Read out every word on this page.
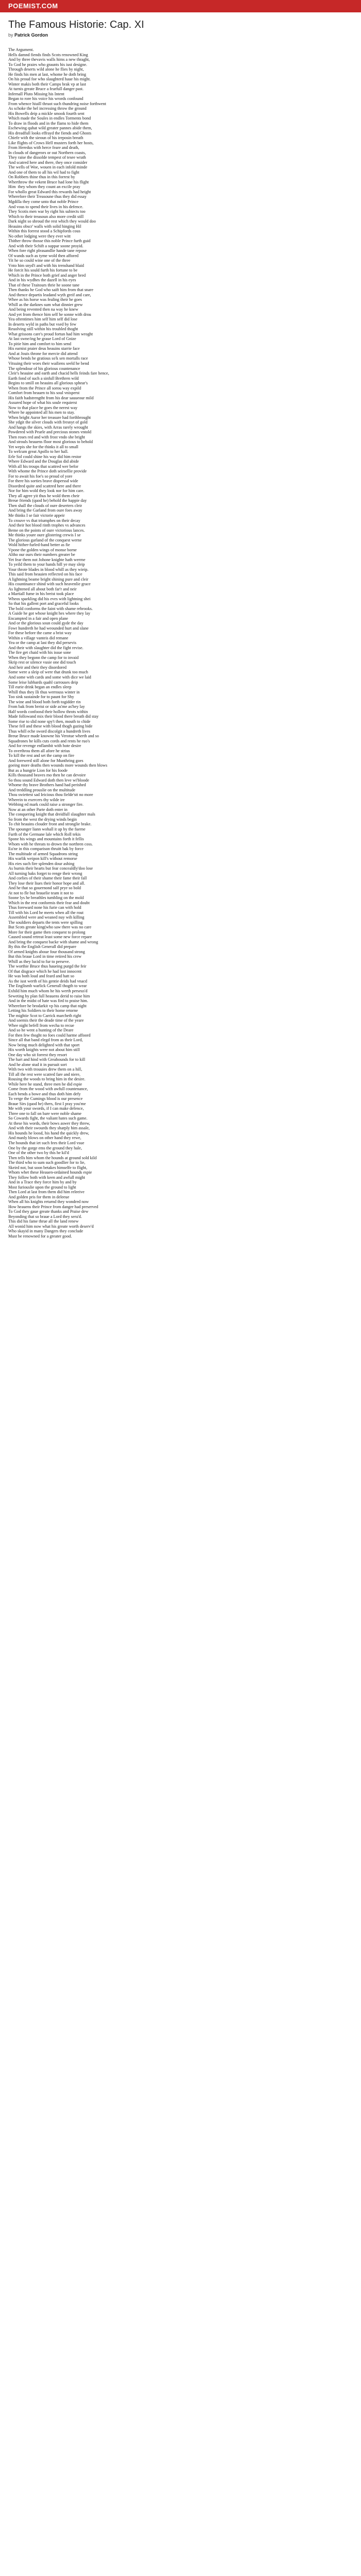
POEMIST.COM
The Famous Historie: Cap. XI
by Patrick Gordon
The Argument.
Hells damnd fiends finds Scots renowned King
And by three thevavis walls hims a new thraght,
To God he praies who graunts his iust designe.
Through deserts wild alone he flies by night,
He finds his men at last, whome he doth bring
On his proud foe who slaughterd haue his might.
Winter makis both their Camps brak vp at last
At turnis greate Bruce a fearfull danger past.
Infernall Pluto Missing his Intent
Began to rore his voice his wrords confound
From whence hiuill thruot such thundring noise forthwent
As schoke the hel incressing throw the ground
His Bowells deip a mickle smook fourth sent
Which made the Soules in endles Torments bond
To draw in floods and in the flams to hide them
Eschewing quhat wild greater pannes abide them,
His dreadfull looks effrayd the fiends and Ghosts
Chiefe with the sieoun of his ireposin breath
Like flights of Crows Hell musters forth her hosts,
From Heredus with herce feare and death,
In clouds of dangerors or out Northern coasts,
They raise the dissolde tempest of tesee wrath
And scatred here and there, they once consider
The wells of Woe, wouen in each infold minde
And one of them to all his wil had to fight
On Robbers thine thus in this forrest by
Wherthrow the vekent Bruce had lone his flight
Him  they whom they count an excile pray
For whollo great Edward this rewards had height
Wherefore their Treasoune thus they did essay
Mgdilla they come unto that noble Prince
And vous to spend their lives in his defence.
They Scotis men war by right his subiects too
Which to their treasoun also more credit still
Dark night so shroud the rest which they would doo
Heauins obscr' walls with solid hinging Hil
Within this forrest stood a Schipfords cous
No other lodging were they ever witt
Thither throw thosse this noble Prince furth guid
And with their Schift a suppar soone proyid.
When fore right pleasandlie hande tane repose
Of wands such as tyme wold then affored
Yit he so could wine one of the three
Vnto him snyd't and with his trenshand blaid
He forcit his sould furth his fortune to be
Which in the Prince both grief and anger bred
And in his wydhes the dazell in his eyes
That of these Traitours thrie he soone tane
Then thanks he God who saift him from that snare
And thence departis leadand wyth greif and care,
Whee as his horse was fealing their he goes
Whill as the darknes sum what dinnier grew
And being revented then na way he knew
And yet from thence him self he sonne with drou
Yea oftentimes him self him self did lose
In deserts wyld in paths but vsed by few
Reuolving still within his troubled thoght
What grissons care's proud fortun had him wroght
At last swne/ing he graue Lord of Gnize
To pitie him and comfort to him send
His earnist praier deus heauins starrie face
And at Jouis throne for mercie did attend
Whose bends he gratious so'k sen mortalls race
Vitsuing their woes their wailiens seeld he bend
The splendour of his glorious countenance
Cleir's heauine and earth and chacid hells feinds fare hence,
Earth fond of such a sinfull Brethren wild
Begins to smill on heauins all glorious sphear's
When from the Prince all sorou way expild
Comfort from heauen to his soul vnisperst
His faith hadstrengtht from his dear sauueour mild
Assured hope of what his soule requierst
Now to that place he goes the nerest way
Where he appointed all his men to stay.
When bright Auror her treasure had forthbrought
She ydgit the silver clouds with fresnyt of gold
And hangs the skies, with Arras rarely wrought
Powdered with Pearle and precious stones vntold
Then roses red and with frost vndo she bright
And strouls heauens floor most glorious to behold
Yet wepis she for the thinks it all to small
To welcum great Apollo to her hall.
Erle Sol could shine his way did him restor
Where Edward and the Douglas did abide
With all his troups that scattred wer befor
With whome the Prince doth seirsellie provide
For to await his foe's so proud of yore
For there his sorties brave disperssd wide
Disordred quite and scattred here and there
Nor for him wold they look nor for him care.
They all agree yit thus he wold them cheir
Breue friends (quod he) behold the happie day
Then shall the clouds of oure deserters cleir
And bring the Garland from oure foes away
Me thinks I se fair victorie appeir
To crouve vs that triumphes on their decay
And their hot blood rinth trophes vs advances
Beme on the points of oure victorious lances.
Me thinks youre oure glistering crewis I se
The glorious garland of the conquest werne
Wold hither-furled-band better as fie
Vpone the golden wings of monse borne
Altho our ours their numbers greater be
Yet fear them not Johone knighte hath werrne
To yeild them to your hands hill ye may sleip
Your throte blades in blood whill as they wieip.
This said from heauien reflected on his face
A lightning beame bright shining pure and cleir
His countinance shind with such heavenlie grace
As lightened all about both far'r and neir
a Martiall fume in his breist took place
Wheos sparkling did his eves with lightning shei
So that his gallent port and graceful looks
The bold conforms the faint with shame rebrooks.
A Guide he got whose knight hes where they lay
Encampted in a fair and open plane
And or the glorious soun could gyde the day
Fowr hundreth he had weounded hurt and slane
For these before the came a brist way
Within a village vanteis did remane
Yea or the camp at last they did persevis
And their with slaughter did the fight revise.
The fire get chaid with his issue sone
When they begonn the camp for to invaid
Skrip rest or silence vusie one did touch
And heir and their they disordored
Some were a sleip of were that drunk too much
And some with cards and some with dice we laid
Some leise lubbards quahl carrouses deip
Till eurie drink began an endles sleep
Whill thus they Ili thus werrouss winter in
Too sink sustainde for to paunt for Shy
The wine and blood both forth togidder rin
From bak from breist or side as'me as'hey lay
Half words confoosd their hollow throts within
Made followand mix their blood there breath did stay
Some rise to slid none spy't then, mouth to chide
These fell and these with blood thogh gazing bide
Thus whill eche sword discolgit a hundreth lives
Breue Bruce made knowne his Verotue wherth and so
Squadrones he kills cuts cords and rents he ruo's
And for revenge enflambit with hote desire
To overthrou them all afore he strius
To kill the rest and set the camp on fire
And forewerd still alone for Munthring goes
goeing more deaths then wounds more wounds then blows
But as a hungrie Lion for his foode
Kills thousand beaves mo then he can devoire
So thou sound Edward doth then leve wi'bloode
Whome thy brave Brothers hand had perished
And treddling prouslie on the multitude
Thou swiettest sad Ieicious thou fielde'stt no more
Wherein to exercers thy wilde ire
Webbing ed mark could raise a stronger fire.
Now at an other Parte doth enter in
The conquering knight that dreidfull slaughter mals
So from the west the drying winds begin
To chit heauins clouder front and stronglie brake.
The spounger liann wohall it up by the fuerne
Furth of the Germane lale which Roll tekis
Spone his wings and mountains forth it fellis
Whom with he threats to drown the northren coss.
Eu'ne in this comparison thruitt bak by force
The multitude of armed Squadrons string
His warlik weipon kill's without remorse
His eies such fire splenden dour ashing
As burnis their hearts but fear concealdly'doo lose
All turning baks forget to renge their wrong
And corlies of their shame their fame their fall
They lose their liues their honor hope and all.
And he that so gouernond salf prye so bold
At not to fle but brauelie team it not to
Soone lys he breathles tumbling on the mold
Which in the rest conformis their fear and doubt
Thus foreward none his furie can with hold
Till with his Lord he meets when all the rout
Assembled were and weaned nuy wih killing
The souldiers departs the tents were spilling
But Scots greate king(who saw there was no care
More for their game then conquest to prolong
Caused sound retreat least some new force repare
And bring the conquest backe with shame and wrong
By this the English Generall did prepare
Of armed knights aboue four thousand strong
But this braue Lord in time retired his crew
Whill as they lucid to fur to perseve.
The worthie Bruce thus haueing purgd the feir
Of that disgrace which he had lost innocent
He was both loud and feard and hatt so
As the iust werth of his gentie deids had vnacd
The Englismb warlick Generall thogth to wear
Exhild him much whom he his werth perseus'd
Seweting by plan full heauens derid to raise him
And in the midst of hate was fird to praise him.
Wherefore he brodarkit vp his camp that night
Letting his Soldiers to their home retorne
The mightie Scot to Carrick marcheth right
And soemis their the deade time of the yeare
Whee night befell from wecha to recue
And so he went a hunting of the Deare
For then few thoght no foes could harme affoord
Since all that band elegd from as their Lord,
Now being much delighted with that sport
His worth knights were not about him still
One day who sit forrest they resort
The hart and hind with Greahounds for to kill
And he alone stud it in pursuit sort
With two with trouuies drew them on a hill,
Till all the rest were scatred fare and niere,
Rousing the woods to bring him in the desire.
While here he stand, three men he did espie
Come from the wood with awfull countenance,
Each bends a bowe and thus doth him defy
To verge the Cumings blood is our presence
Braue Sirs (quod he) thers, first I pray you'me
Me with your swords, if I can make defence,
Three one to fall on bare were noble shame
So Cowards fight, the valiant hates such game.
At these his words, their bows aswer they threw,
And with their swourds they sharply him assale,
His hounds he loosd, his hand the quickly drew,
And manly blows on other hand they rewe,
The hounds that iet such fees their Lord vsue
One by the gorge ems the ground they hale,
One of the other two by this he kil'd
Then tells him whom the hounds at ground sold kild
The third who to sum such goodlier for to lie,
Skeird not, but soon betakes himselfe to flight,
Whom whet these Heauen-ordained hounds espie
They follow both with keen and awfull might
And in a Trace they force him by and by
Most furiouslie upon the ground to light
Then Lord at last from them did him releeive
And golden pris for them in deleeue
When all his knights returnd they wondred now
How heauens their Prince from danger had preserved
To God they gaue greate thanks and Praise dew
Beyonding that so braue a Lord they seru'd.
This did his fame thrue all the land renew
All wonid him now what his greate worth deserv'd
Who skayid in many Dangers they conclude
Must be renowned for a greater good.
